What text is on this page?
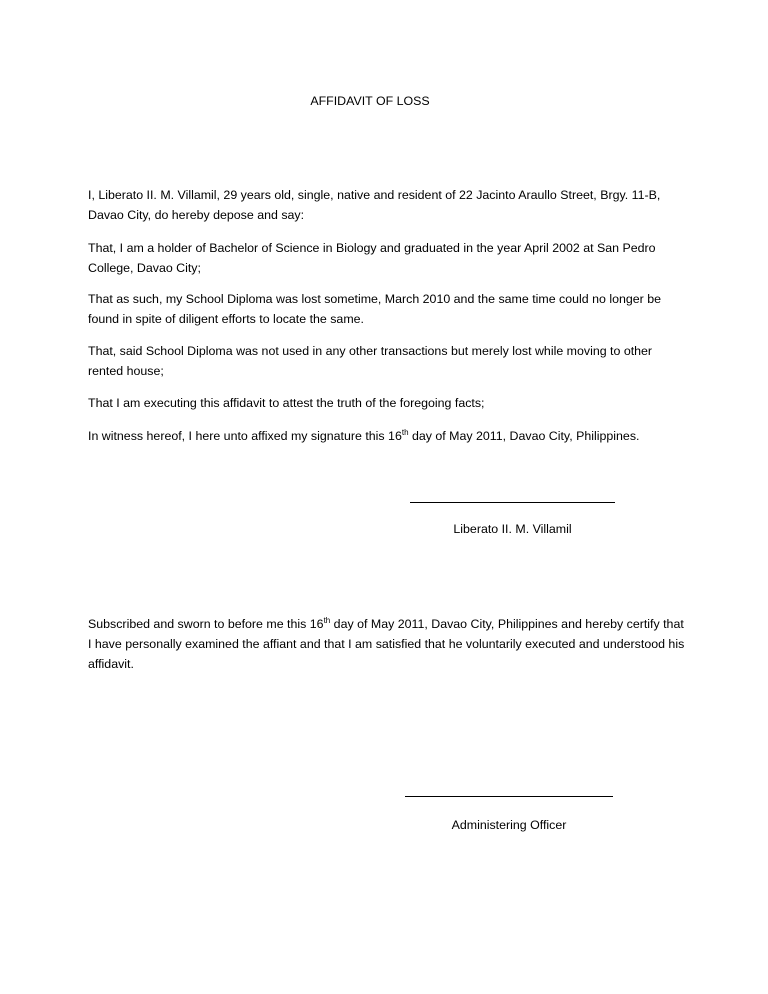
AFFIDAVIT OF LOSS

I, Liberato II. M. Villamil, 29 years old, single, native and resident of 22 Jacinto Araullo Street, Brgy. 11-B, Davao City, do hereby depose and say:

That, I am a holder of Bachelor of Science in Biology and graduated in the year April 2002 at San Pedro College, Davao City;

That as such, my School Diploma was lost sometime, March 2010 and the same time could no longer be found in spite of diligent efforts to locate the same.

That, said School Diploma was not used in any other transactions but merely lost while moving to other rented house;

That I am executing this affidavit to attest the truth of the foregoing facts;

In witness hereof, I here unto affixed my signature this 16th day of May 2011, Davao City, Philippines.

Liberato II. M. Villamil

Subscribed and sworn to before me this 16th day of May 2011, Davao City, Philippines and hereby certify that I have personally examined the affiant and that I am satisfied that he voluntarily executed and understood his affidavit.

Administering Officer
